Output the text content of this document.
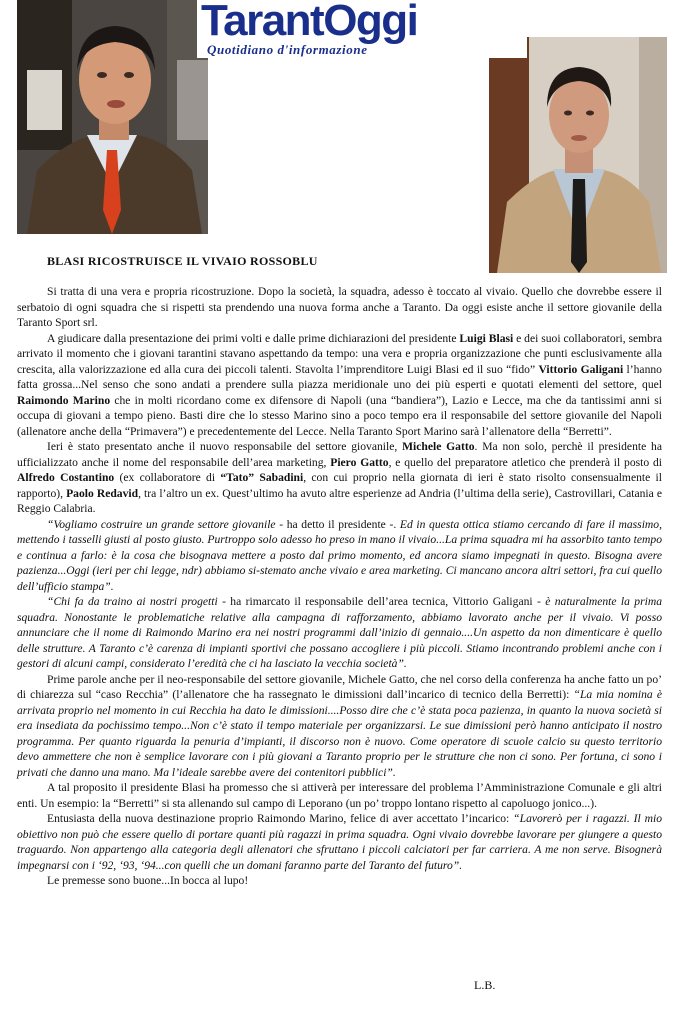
TarantOggi
Quotidiano d'informazione
BLASI RICOSTRUISCE IL VIVAIO ROSSOBLU

Si tratta di una vera e propria ricostruzione. Dopo la società, la squadra, adesso è toccato al vivaio. Quello che dovrebbe essere il serbatoio di ogni squadra che si rispetti sta prendendo una nuova forma anche a Taranto. Da oggi esiste anche il settore giovanile della Taranto Sport srl.

A giudicare dalla presentazione dei primi volti e dalle prime dichiarazioni del presidente Luigi Blasi e dei suoi collaboratori, sembra arrivato il momento che i giovani tarantini stavano aspettando da tempo: una vera e propria organizzazione che punti esclusivamente alla crescita, alla valorizzazione ed alla cura dei piccoli talenti. Stavolta l’imprenditore Luigi Blasi ed il suo “fido” Vittorio Galigani l’hanno fatta grossa...Nel senso che sono andati a prendere sulla piazza meridionale uno dei più esperti e quotati elementi del settore, quel Raimondo Marino che in molti ricordano come ex difensore di Napoli (una “bandiera”), Lazio e Lecce, ma che da tantissimi anni si occupa di giovani a tempo pieno. Basti dire che lo stesso Marino sino a poco tempo era il responsabile del settore giovanile del Napoli (allenatore anche della “Primavera”) e precedentemente del Lecce. Nella Taranto Sport Marino sarà l’allenatore della “Berretti”.

Ieri è stato presentato anche il nuovo responsabile del settore giovanile, Michele Gatto. Ma non solo, perchè il presidente ha ufficializzato anche il nome del responsabile dell’area marketing, Piero Gatto, e quello del preparatore atletico che prenderà il posto di Alfredo Costantino (ex collaboratore di “Tato” Sabadini, con cui proprio nella giornata di ieri è stato risolto consensualmente il rapporto), Paolo Redavid, tra l’altro un ex. Quest’ultimo ha avuto altre esperienze ad Andria (l’ultima della serie), Castrovillari, Catania e Reggio Calabria.

“Vogliamo costruire un grande settore giovanile - ha detto il presidente -. Ed in questa ottica stiamo cercando di fare il massimo, mettendo i tasselli giusti al posto giusto. Purtroppo solo adesso ho preso in mano il vivaio...La prima squadra mi ha assorbito tanto tempo e continua a farlo: è la cosa che bisognava mettere a posto dal primo momento, ed ancora siamo impegnati in questo. Bisogna avere pazienza...Oggi (ieri per chi legge, ndr) abbiamo si-stemato anche vivaio e area marketing. Ci mancano ancora altri settori, fra cui quello dell’ufficio stampa”.

“Chi fa da traino ai nostri progetti - ha rimarcato il responsabile dell’area tecnica, Vittorio Galigani - è naturalmente la prima squadra. Nonostante le problematiche relative alla campagna di rafforzamento, abbiamo lavorato anche per il vivaio. Vi posso annunciare che il nome di Raimondo Marino era nei nostri programmi dall’inizio di gennaio....Un aspetto da non dimenticare è quello delle strutture. A Taranto c’è carenza di impianti sportivi che possano accogliere i più piccoli. Stiamo incontrando problemi anche con i gestori di alcuni campi, considerato l’eredità che ci ha lasciato la vecchia società”.

Prime parole anche per il neo-responsabile del settore giovanile, Michele Gatto, che nel corso della conferenza ha anche fatto un po’ di chiarezza sul “caso Recchia” (l’allenatore che ha rassegnato le dimissioni dall’incarico di tecnico della Berretti): “La mia nomina è arrivata proprio nel momento in cui Recchia ha dato le dimissioni....Posso dire che c’è stata poca pazienza, in quanto la nuova società si era insediata da pochissimo tempo...Non c’è stato il tempo materiale per organizzarsi. Le sue dimissioni però hanno anticipato il nostro programma. Per quanto riguarda la penuria d’impianti, il discorso non è nuovo. Come operatore di scuole calcio su questo territorio devo ammettere che non è semplice lavorare con i più giovani a Taranto proprio per le strutture che non ci sono. Per fortuna, ci sono i privati che danno una mano. Ma l’ideale sarebbe avere dei contenitori pubblici”.

A tal proposito il presidente Blasi ha promesso che si attiverà per interessare del problema l’Amministrazione Comunale e gli altri enti. Un esempio: la “Berretti” si sta allenando sul campo di Leporano (un po’ troppo lontano rispetto al capoluogo jonico...).

Entusiasta della nuova destinazione proprio Raimondo Marino, felice di aver accettato l’incarico: “Lavorerò per i ragazzi. Il mio obiettivo non può che essere quello di portare quanti più ragazzi in prima squadra. Ogni vivaio dovrebbe lavorare per giungere a questo traguardo. Non appartengo alla categoria degli allenatori che sfruttano i piccoli calciatori per far carriera. A me non serve. Bisognerà impegnarsi con i ‘92, ‘93, ‘94...con quelli che un domani faranno parte del Taranto del futuro”.

Le premesse sono buone...In bocca al lupo!

L.B.
